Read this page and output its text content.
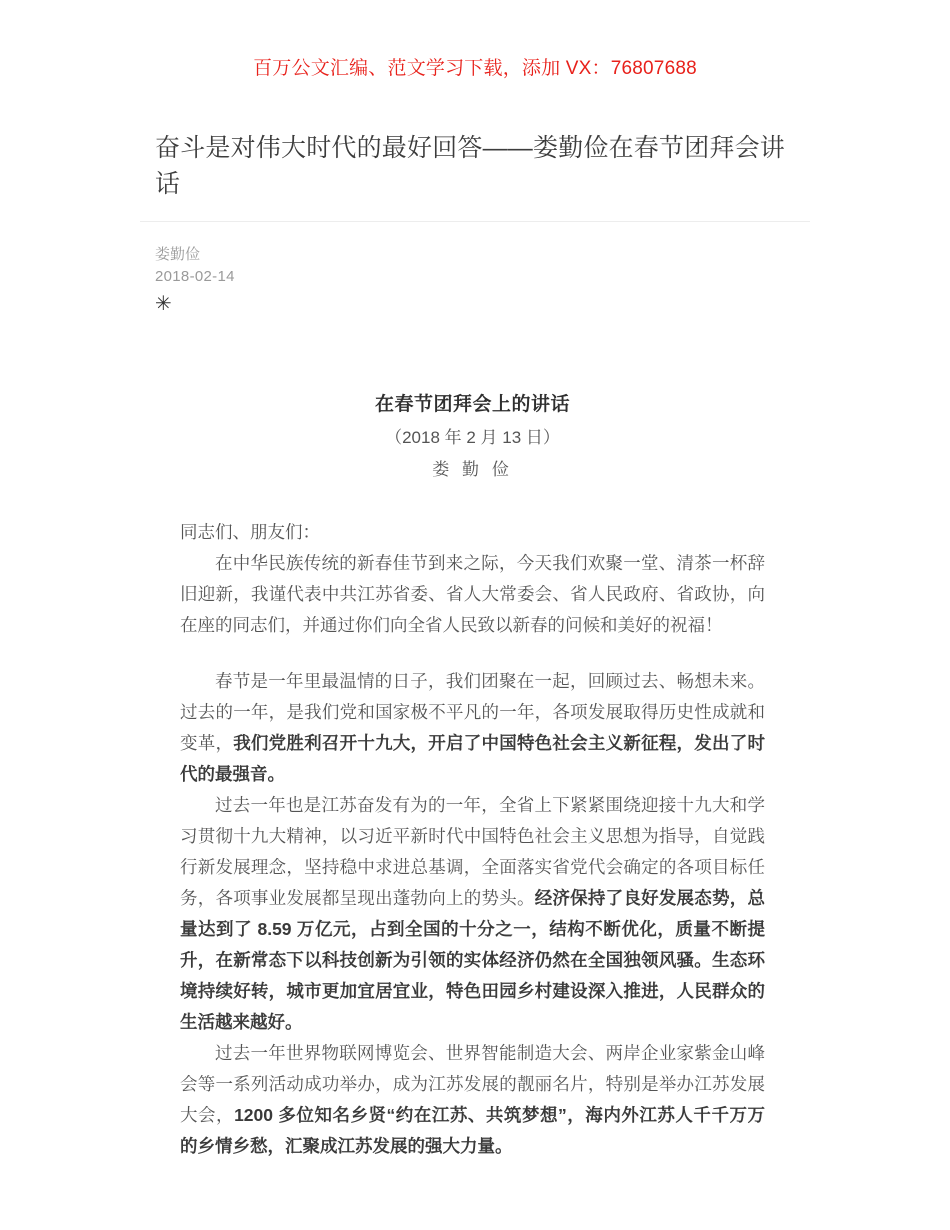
百万公文汇编、范文学习下载，添加 VX：76807688
奋斗是对伟大时代的最好回答——娄勤俭在春节团拜会讲话
娄勤俭
2018-02-14
✳
在春节团拜会上的讲话
（2018 年 2 月 13 日）
娄 勤 俭

同志们、朋友们：

在中华民族传统的新春佳节到来之际，今天我们欢聚一堂、清茶一杯辞旧迎新，我谨代表中共江苏省委、省人大常委会、省人民政府、省政协，向在座的同志们，并通过你们向全省人民致以新春的问候和美好的祝福！

春节是一年里最温情的日子，我们团聚在一起，回顾过去、畅想未来。过去的一年，是我们党和国家极不平凡的一年，各项发展取得历史性成就和变革，我们党胜利召开十九大，开启了中国特色社会主义新征程，发出了时代的最强音。

过去一年也是江苏奋发有为的一年，全省上下紧紧围绕迎接十九大和学习贯彻十九大精神，以习近平新时代中国特色社会主义思想为指导，自觉践行新发展理念，坚持稳中求进总基调，全面落实省党代会确定的各项目标任务，各项事业发展都呈现出蓬勃向上的势头。经济保持了良好发展态势，总量达到了 8.59 万亿元，占到全国的十分之一，结构不断优化，质量不断提升，在新常态下以科技创新为引领的实体经济仍然在全国独领风骚。生态环境持续好转，城市更加宜居宜业，特色田园乡村建设深入推进，人民群众的生活越来越好。

过去一年世界物联网博览会、世界智能制造大会、两岸企业家紫金山峰会等一系列活动成功举办，成为江苏发展的靓丽名片，特别是举办江苏发展大会，1200 多位知名乡贤“约在江苏、共筑梦想”，海内外江苏人千千万万的乡情乡愁，汇聚成江苏发展的强大力量。
